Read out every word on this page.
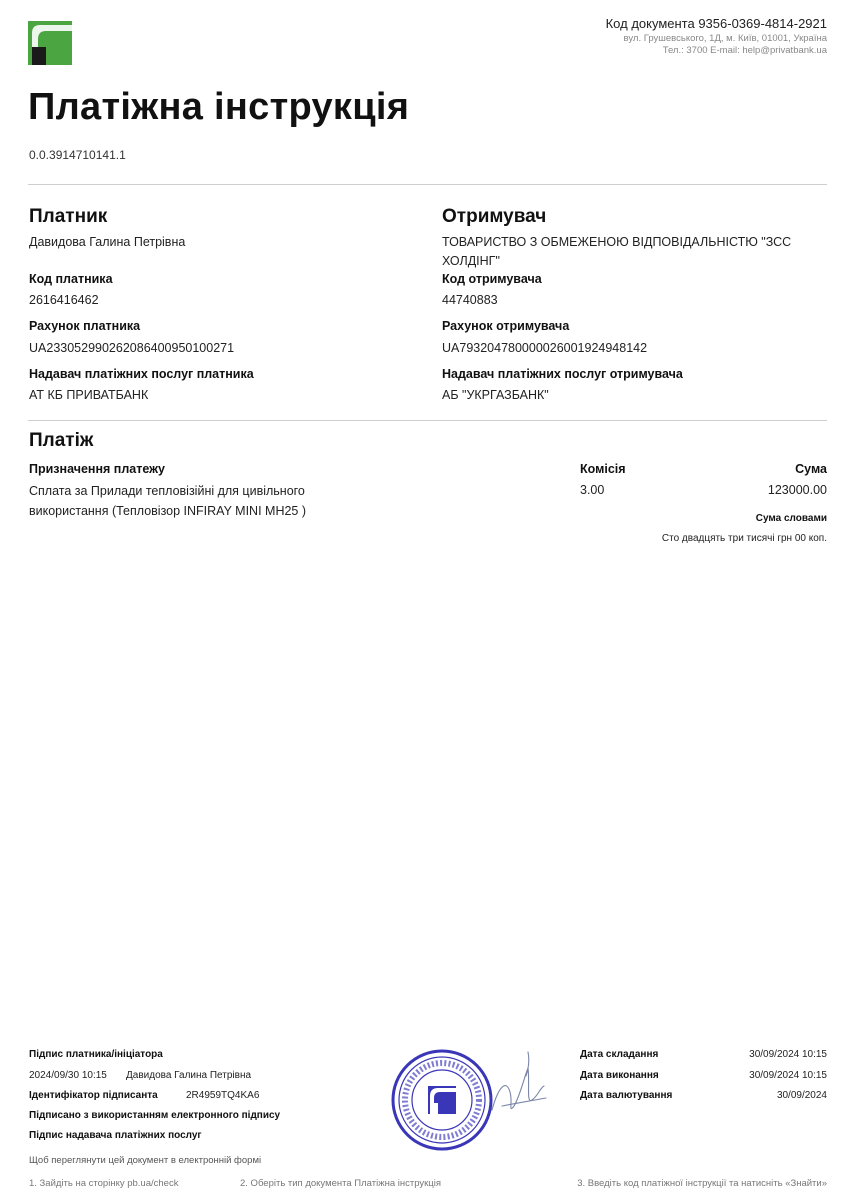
Код документа 9356-0369-4814-2921
вул. Грушевського, 1Д, м. Київ, 01001, Україна
Тел.: 3700 E-mail: help@privatbank.ua
Платіжна інструкція
0.0.3914710141.1
Платник
Давидова Галина Петрівна
Код платника
2616416462
Рахунок платника
UA233052990262086400950100271
Надавач платіжних послуг платника
АТ КБ ПРИВАТБАНК
Отримувач
ТОВАРИСТВО З ОБМЕЖЕНОЮ ВІДПОВІДАЛЬНІСТЮ "ЗСС
ХОЛДІНГ"
Код отримувача
44740883
Рахунок отримувача
UA793204780000026001924948142
Надавач платіжних послуг отримувача
АБ "УКРГАЗБАНК"
Платіж
Призначення платежу
Сплата за Прилади тепловізійні для цивільного
використання (Тепловізор INFIRAY MINI MH25 )
Комісія
3.00
Сума
123000.00
Сума словами
Сто двадцять три тисячі грн 00 коп.
Підпис платника/ініціатора
2024/09/30 10:15 Давидова Галина Петрівна
Ідентифікатор підписанта	2R4959TQ4KA6
Підписано з використанням електронного підпису
Підпис надавача платіжних послуг
Дата складання	30/09/2024 10:15
Дата виконання	30/09/2024 10:15
Дата валютування	30/09/2024
Щоб переглянути цей документ в електронній формі
1. Зайдіть на сторінку pb.ua/check	2. Оберіть тип документа Платіжна інструкція	3. Введіть код платіжної інструкції та натисніть «Знайти»
